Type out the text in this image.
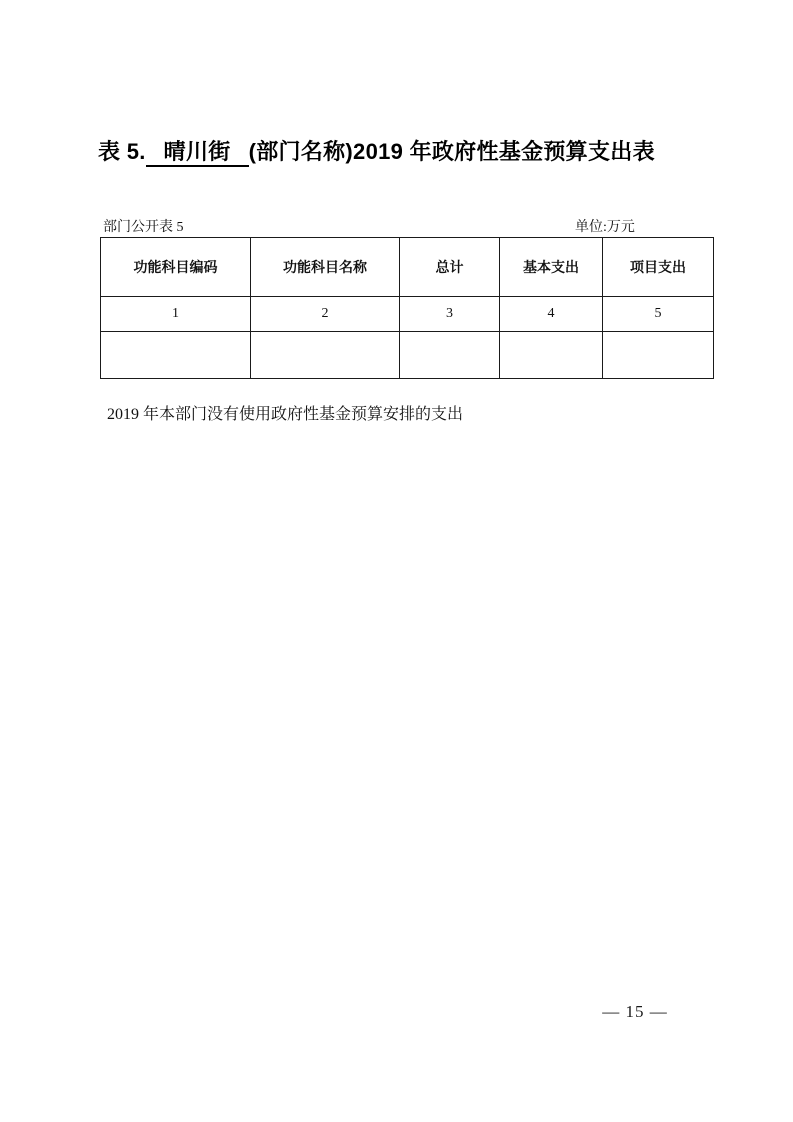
表 5. 晴川街 (部门名称)2019 年政府性基金预算支出表
部门公开表 5	单位:万元
功能科目编码	功能科目名称	总计	基本支出	项目支出
1	2	3	4	5

2019 年本部门没有使用政府性基金预算安排的支出
— 15 —
